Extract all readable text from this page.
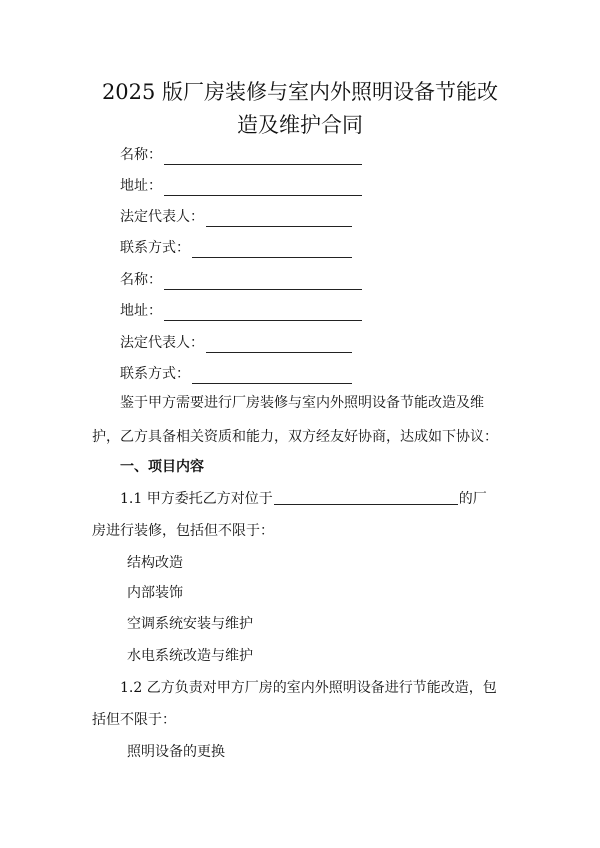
2025 版厂房装修与室内外照明设备节能改
造及维护合同
名称：
地址：
法定代表人：
联系方式：
名称：
地址：
法定代表人：
联系方式：
鉴于甲方需要进行厂房装修与室内外照明设备节能改造及维
护，乙方具备相关资质和能力，双方经友好协商，达成如下协议：
一、项目内容
1.1 甲方委托乙方对位于	的厂
房进行装修，包括但不限于：
结构改造
内部装饰
空调系统安装与维护
水电系统改造与维护
1.2 乙方负责对甲方厂房的室内外照明设备进行节能改造，包
括但不限于：
照明设备的更换
